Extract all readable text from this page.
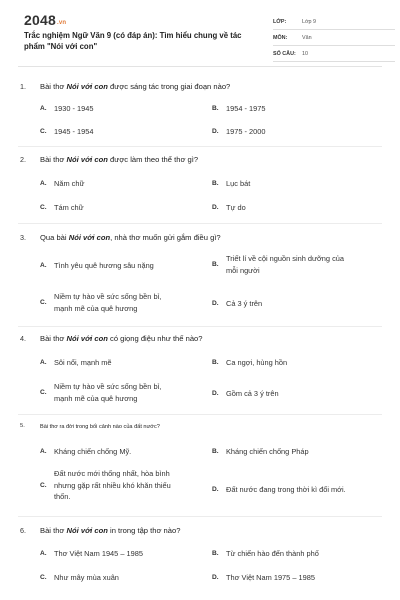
2048.vn
Trắc nghiệm Ngữ Văn 9 (có đáp án): Tìm hiểu chung về tác phẩm "Nói với con"
LỚP:	Lớp 9
MÔN:	Văn
SỐ CÂU:	10
1. Bài thơ Nói với con được sáng tác trong giai đoạn nào?
A.	1930 - 1945	B.	1954 - 1975
C.	1945 - 1954	D.	1975 - 2000
2. Bài thơ Nói với con được làm theo thể thơ gì?
A.	Năm chữ	B.	Lục bát
C.	Tám chữ	D.	Tự do
3. Qua bài Nói với con, nhà thơ muốn gửi gắm điều gì?
A.	Tình yêu quê hương sâu nặng	B.
Triết lí về cội nguồn sinh dưỡng của
mỗi người
C.
Niềm tự hào về sức sống bền bỉ,
mạnh mẽ của quê hương	D.	Cả 3 ý trên
4. Bài thơ Nói với con có giọng điệu như thế nào?
A.	Sôi nổi, mạnh mẽ	B.	Ca ngợi, hùng hồn
C.
Niềm tự hào về sức sống bền bỉ,
mạnh mẽ của quê hương	D.	Gồm cả 3 ý trên
5.	Bài thơ ra đời trong bối cảnh nào của đất nước?
A.	Kháng chiến chống Mỹ.	B.	Kháng chiến chống Pháp
C.
Đất nước mới thống nhất, hòa bình
nhưng gặp rất nhiều khó khăn thiếu
thốn.
D.	Đất nước đang trong thời kì đổi mới.
6. Bài thơ Nói với con in trong tập thơ nào?
A.	Thơ Việt Nam 1945 – 1985	B.	Từ chiến hào đến thành phố
C.	Như mây mùa xuân	D.	Thơ Việt Nam 1975 – 1985
